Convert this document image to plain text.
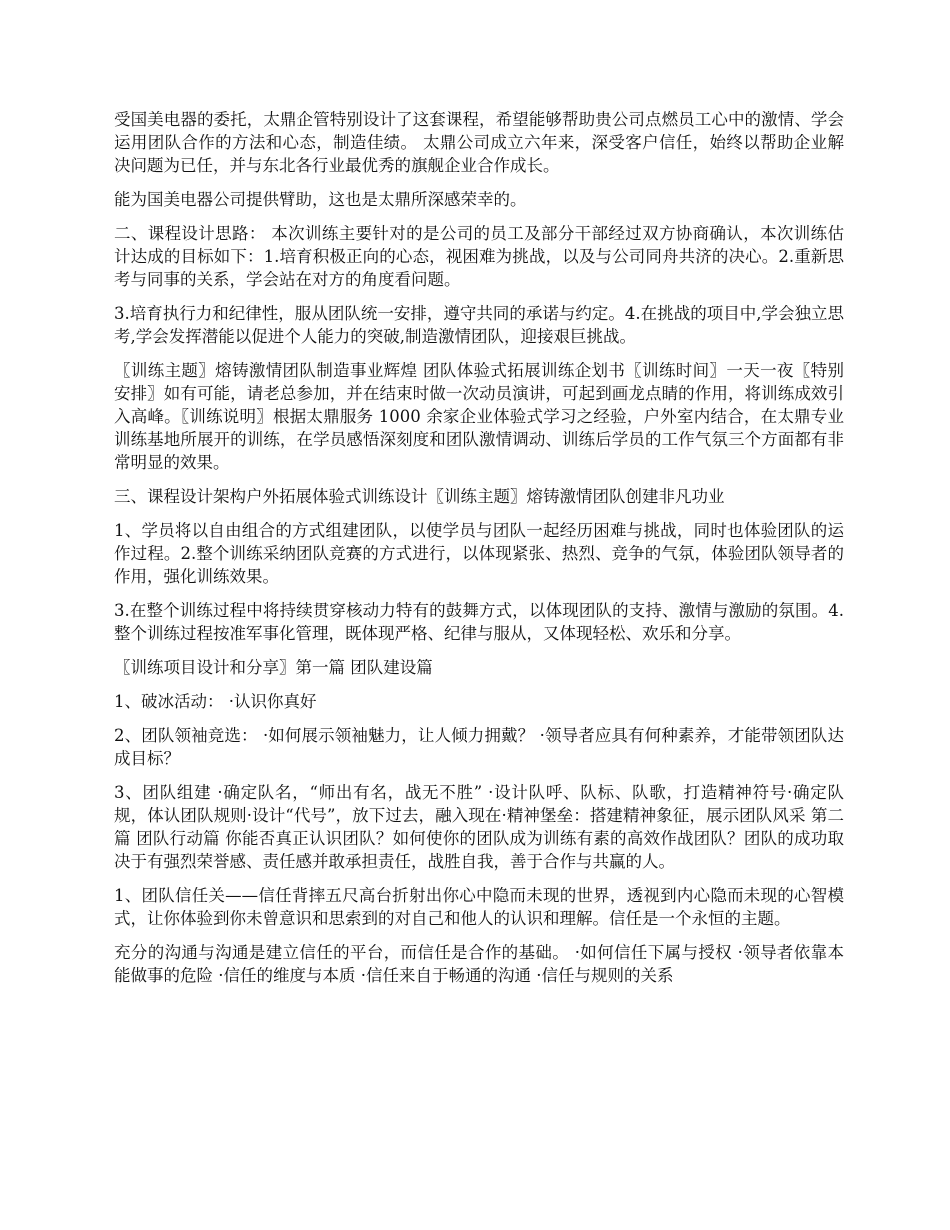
受国美电器的委托，太鼎企管特别设计了这套课程，希望能够帮助贵公司点燃员工心中的激情、学会运用团队合作的方法和心态，制造佳绩。 太鼎公司成立六年来，深受客户信任，始终以帮助企业解决问题为已任，并与东北各行业最优秀的旗舰企业合作成长。

能为国美电器公司提供臂助，这也是太鼎所深感荣幸的。

二、课程设计思路： 本次训练主要针对的是公司的员工及部分干部经过双方协商确认，本次训练估计达成的目标如下：1.培育积极正向的心态，视困难为挑战，以及与公司同舟共济的决心。2.重新思考与同事的关系，学会站在对方的角度看问题。

3.培育执行力和纪律性，服从团队统一安排，遵守共同的承诺与约定。4.在挑战的项目中,学会独立思考,学会发挥潜能以促进个人能力的突破,制造激情团队，迎接艰巨挑战。

〖训练主题〗熔铸激情团队制造事业辉煌 团队体验式拓展训练企划书〖训练时间〗一天一夜〖特别安排〗如有可能，请老总参加，并在结束时做一次动员演讲，可起到画龙点睛的作用，将训练成效引入高峰。〖训练说明〗根据太鼎服务 1000 余家企业体验式学习之经验，户外室内结合，在太鼎专业训练基地所展开的训练，在学员感悟深刻度和团队激情调动、训练后学员的工作气氛三个方面都有非常明显的效果。

三、课程设计架构户外拓展体验式训练设计〖训练主题〗熔铸激情团队创建非凡功业

1、学员将以自由组合的方式组建团队，以使学员与团队一起经历困难与挑战，同时也体验团队的运作过程。2.整个训练采纳团队竞赛的方式进行，以体现紧张、热烈、竞争的气氛，体验团队领导者的作用，强化训练效果。

3.在整个训练过程中将持续贯穿核动力特有的鼓舞方式，以体现团队的支持、激情与激励的氛围。4.整个训练过程按准军事化管理，既体现严格、纪律与服从，又体现轻松、欢乐和分享。

〖训练项目设计和分享〗第一篇 团队建设篇

1、破冰活动： ·认识你真好

2、团队领袖竞选： ·如何展示领袖魅力，让人倾力拥戴？ ·领导者应具有何种素养，才能带领团队达成目标？

3、团队组建 ·确定队名，“师出有名，战无不胜” ·设计队呼、队标、队歌，打造精神符号·确定队规，体认团队规则·设计“代号”，放下过去，融入现在·精神堡垒：搭建精神象征，展示团队风采 第二篇 团队行动篇 你能否真正认识团队？如何使你的团队成为训练有素的高效作战团队？团队的成功取决于有强烈荣誉感、责任感并敢承担责任，战胜自我，善于合作与共赢的人。

1、团队信任关——信任背摔五尺高台折射出你心中隐而未现的世界，透视到内心隐而未现的心智模式，让你体验到你未曾意识和思索到的对自己和他人的认识和理解。信任是一个永恒的主题。

充分的沟通与沟通是建立信任的平台，而信任是合作的基础。 ·如何信任下属与授权 ·领导者依靠本能做事的危险 ·信任的维度与本质 ·信任来自于畅通的沟通 ·信任与规则的关系
